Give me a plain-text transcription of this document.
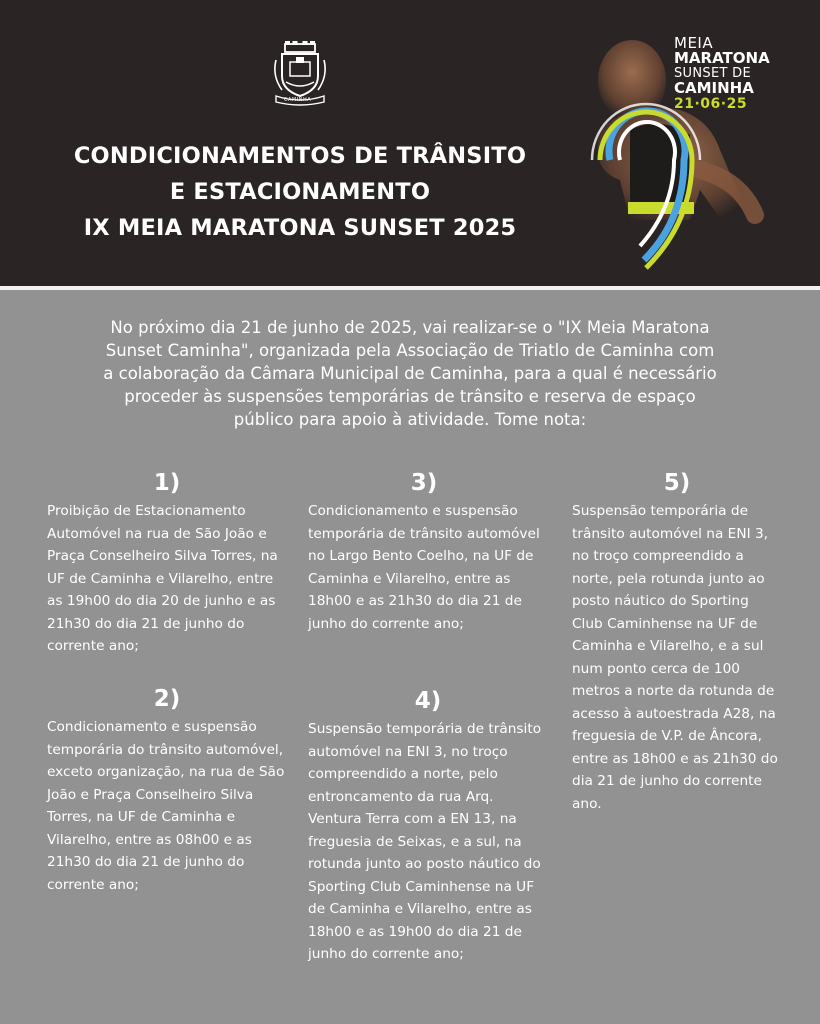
CAMINHA
CONDICIONAMENTOS DE TRÂNSITO
E ESTACIONAMENTO
IX MEIA MARATONA SUNSET 2025
MEIA
MARATONA
SUNSET DE
CAMINHA
21·06·25
No próximo dia 21 de junho de 2025, vai realizar-se o "IX Meia Maratona Sunset Caminha", organizada pela Associação de Triatlo de Caminha com a colaboração da Câmara Municipal de Caminha, para a qual é necessário proceder às suspensões temporárias de trânsito e reserva de espaço público para apoio à atividade. Tome nota:
1)
Proibição de Estacionamento Automóvel na rua de São João e Praça Conselheiro Silva Torres, na UF de Caminha e Vilarelho, entre as 19h00 do dia 20 de junho e as 21h30 do dia 21 de junho do corrente ano;
2)
Condicionamento e suspensão temporária do trânsito automóvel, exceto organização, na rua de São João e Praça Conselheiro Silva Torres, na UF de Caminha e Vilarelho, entre as 08h00 e as 21h30 do dia 21 de junho do corrente ano;
3)
Condicionamento e suspensão temporária de trânsito automóvel no Largo Bento Coelho, na UF de Caminha e Vilarelho, entre as 18h00 e as 21h30 do dia 21 de junho do corrente ano;
4)
Suspensão temporária de trânsito automóvel na ENI 3, no troço compreendido a norte, pelo entroncamento da rua Arq. Ventura Terra com a EN 13, na freguesia de Seixas, e a sul, na rotunda junto ao posto náutico do Sporting Club Caminhense na UF de Caminha e Vilarelho, entre as 18h00 e as 19h00 do dia 21 de junho do corrente ano;
5)
Suspensão temporária de trânsito automóvel na ENI 3, no troço compreendido a norte, pela rotunda junto ao posto náutico do Sporting Club Caminhense na UF de Caminha e Vilarelho, e a sul num ponto cerca de 100 metros a norte da rotunda de acesso à autoestrada A28, na freguesia de V.P. de Âncora, entre as 18h00 e as 21h30 do dia 21 de junho do corrente ano.
